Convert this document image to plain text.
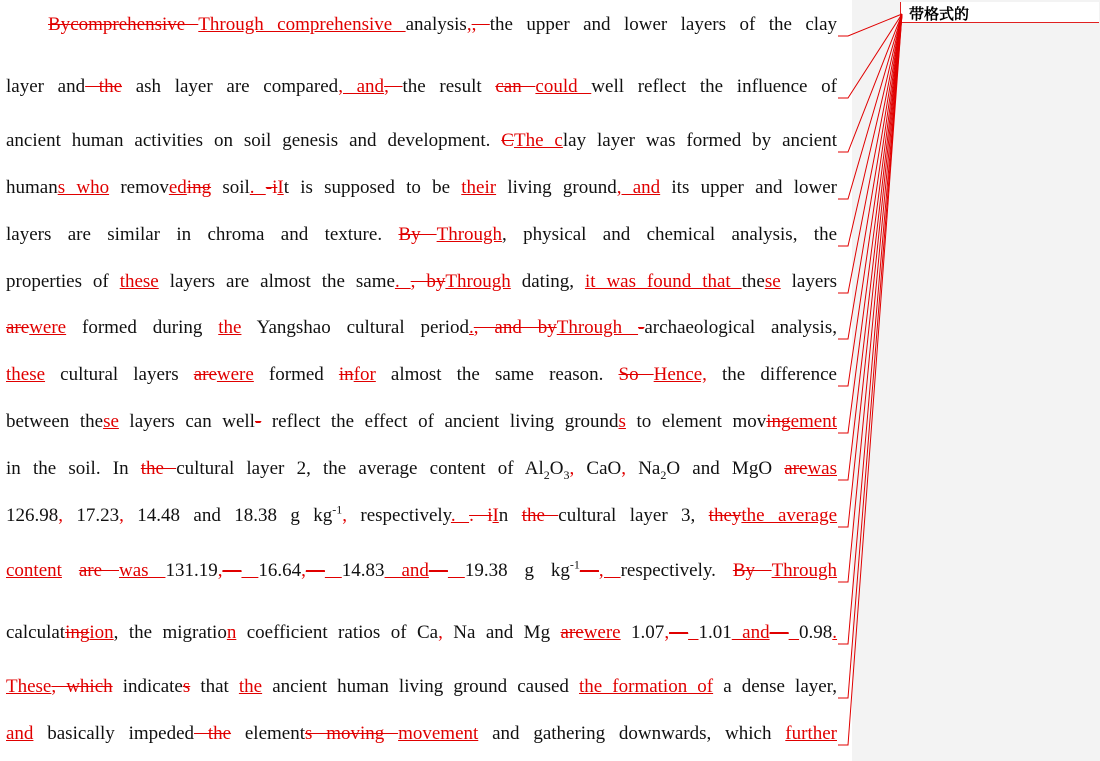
Bycomprehensive Through comprehensive analysis,, the upper and lower layers of the clay
layer and the ash layer are compared, and, the result can could well reflect the influence of
ancient human activities on soil genesis and development. CThe clay layer was formed by ancient
humans who removeding soil. -iIt is supposed to be their living ground, and its upper and lower
layers are similar in chroma and texture. By Through, physical and chemical analysis, the
properties of these layers are almost the same. , byThrough dating, it was found that these layers
arewere formed during the Yangshao cultural period., and byThrough -archaeological analysis,
these cultural layers arewere formed infor almost the same reason. So Hence, the difference
between these layers can well- reflect the effect of ancient living grounds to element movingement
in the soil. In the cultural layer 2, the average content of $Al_2O_3$, CaO, $Na_2O$ and MgO arewas
126.98, 17.23, 14.48 and 18.38 g $kg^{-1}$, respectively. . iIn the cultural layer 3, theythe average
content are was 131.19,— 16.64,— 14.83 and— 19.38 g $kg^{-1}—$, respectively. By Through
calculatingion, the migration coefficient ratios of Ca, Na and Mg arewere 1.07,— 1.01 and— 0.98.
These, which indicates that the ancient human living ground caused the formation of a dense layer,
and basically impeded the elements moving movement and gathering downwards, which further
带格式的
